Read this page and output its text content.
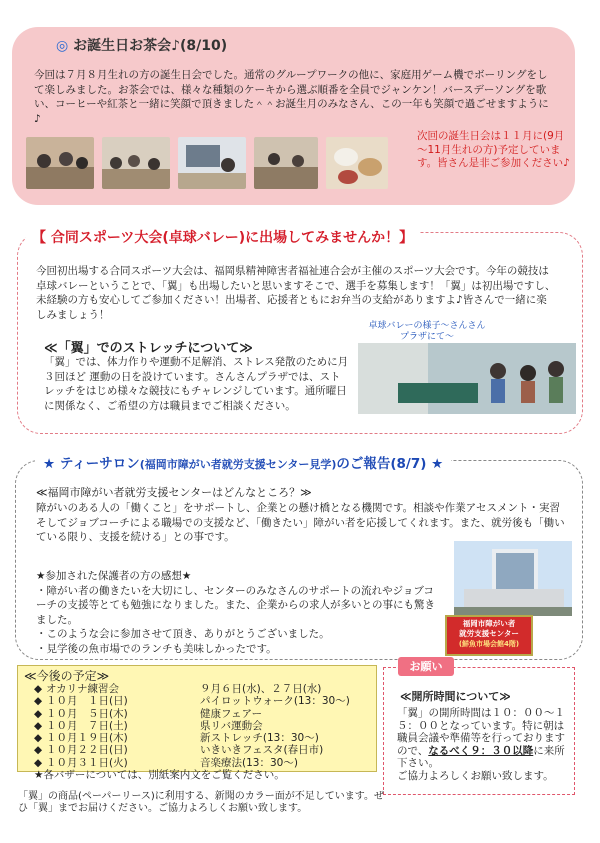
◎ お誕生日お茶会♪(8/10)
今回は７月８月生れの方の誕生日会でした。通常のグループワークの他に、家庭用ゲーム機でボーリングをして楽しみました。お茶会では、様々な種類のケーキから選ぶ順番を全員でジャンケン！バースデーソングを歌い、コーヒーや紅茶と一緒に笑顔で頂きました＾＾お誕生月のみなさん、この一年も笑顔で過ごせますように♪
次回の誕生日会は１１月に(9月～11月生れの方)予定しています。皆さん是非ご参加ください♪
【 合同スポーツ大会(卓球バレー)に出場してみませんか！】
今回初出場する合同スポーツ大会は、福岡県精神障害者福祉連合会が主催のスポーツ大会です。今年の競技は卓球バレーということで、「翼」も出場したいと思いますそこで、選手を募集します！「翼」は初出場ですし、未経験の方も安心してご参加ください！出場者、応援者ともにお弁当の支給がありますよ♪皆さんで一緒に楽しみましょう！
≪「翼」でのストレッチについて≫
「翼」では、体力作りや運動不足解消、ストレス発散のために月３回ほど 運動の日を設けています。さんさんプラザでは、ストレッチをはじめ様々な競技にもチャレンジしています。通所曜日に関係なく、ご希望の方は職員までご相談ください。
卓球バレーの様子～さんさんプラザにて～
★ ティーサロン(福岡市障がい者就労支援センター見学)のご報告(8/7) ★
≪福岡市障がい者就労支援センターはどんなところ？≫
障がいのある人の「働くこと」をサポートし、企業との懸け橋となる機関です。相談や作業アセスメント・実習そしてジョブコーチによる職場での支援など、「働きたい」障がい者を応援してくれます。また、就労後も「働いている限り、支援を続ける」との事です。
★参加された保護者の方の感想★
・障がい者の働きたいを大切にし、センターのみなさんのサポートの流れやジョブコーチの支援等とても勉強になりました。また、企業からの求人が多いとの事にも驚きました。
・このような会に参加させて頂き、ありがとうございました。
・見学後の魚市場でのランチも美味しかったです。
福岡市障がい者
就労支援センター
(鮮魚市場会館4階)
≪今後の予定≫
◆ オカリナ練習会	９月６日(水)、２７日(水)
◆ １０月　１日(日)	パイロットウォーク(13：30～)
◆ １０月　５日(木)	健康フェアー
◆ １０月　７日(土)	県リバ運動会
◆ １０月１９日(木)	新ストレッチ(13：30～)
◆ １０月２２日(日)	いきいきフェスタ(春日市)
◆ １０月３１日(火)	音楽療法(13：30～)
★各バザーについては、別紙案内文をご覧ください。
お願い
≪開所時間について≫
「翼」の開所時間は１０：００～１５：００となっています。特に朝は職員会議や準備等を行っておりますので、なるべく９：３０以降に来所下さい。
ご協力よろしくお願い致します。
「翼」の商品(ペーパーリース)に利用する、新聞のカラー面が不足しています。ぜひ「翼」までお届けください。ご協力よろしくお願い致します。
